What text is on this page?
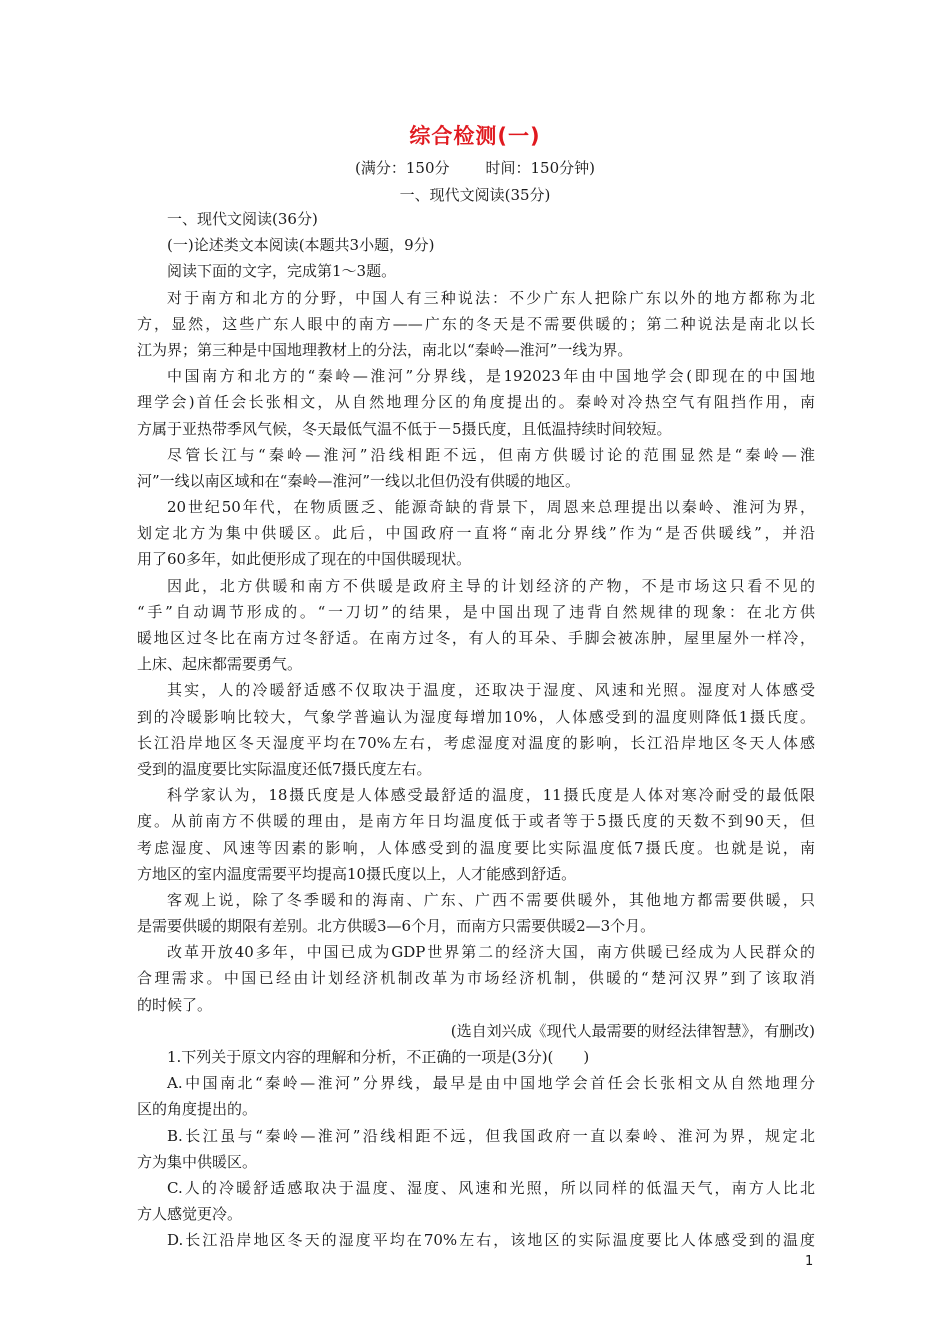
综合检测(一)
(满分：150分 时间：150分钟)
一、现代文阅读(35分)
一、现代文阅读(36分)
(一)论述类文本阅读(本题共3小题，9分)
阅读下面的文字，完成第1～3题。
对于南方和北方的分野，中国人有三种说法：不少广东人把除广东以外的地方都称为北
方，显然，这些广东人眼中的南方——广东的冬天是不需要供暖的；第二种说法是南北以长
江为界；第三种是中国地理教材上的分法，南北以“秦岭—淮河”一线为界。
中国南方和北方的“秦岭—淮河”分界线，是192023年由中国地学会(即现在的中国地
理学会)首任会长张相文，从自然地理分区的角度提出的。秦岭对冷热空气有阻挡作用，南
方属于亚热带季风气候，冬天最低气温不低于－5摄氏度，且低温持续时间较短。
尽管长江与“秦岭—淮河”沿线相距不远，但南方供暖讨论的范围显然是“秦岭—淮
河”一线以南区域和在“秦岭—淮河”一线以北但仍没有供暖的地区。
20世纪50年代，在物质匮乏、能源奇缺的背景下，周恩来总理提出以秦岭、淮河为界，
划定北方为集中供暖区。此后，中国政府一直将“南北分界线”作为“是否供暖线”，并沿
用了60多年，如此便形成了现在的中国供暖现状。
因此，北方供暖和南方不供暖是政府主导的计划经济的产物，不是市场这只看不见的
“手”自动调节形成的。“一刀切”的结果，是中国出现了违背自然规律的现象：在北方供
暖地区过冬比在南方过冬舒适。在南方过冬，有人的耳朵、手脚会被冻肿，屋里屋外一样冷，
上床、起床都需要勇气。
其实，人的冷暖舒适感不仅取决于温度，还取决于湿度、风速和光照。湿度对人体感受
到的冷暖影响比较大，气象学普遍认为湿度每增加10%，人体感受到的温度则降低1摄氏度。
长江沿岸地区冬天湿度平均在70%左右，考虑湿度对温度的影响，长江沿岸地区冬天人体感
受到的温度要比实际温度还低7摄氏度左右。
科学家认为，18摄氏度是人体感受最舒适的温度，11摄氏度是人体对寒冷耐受的最低限
度。从前南方不供暖的理由，是南方年日均温度低于或者等于5摄氏度的天数不到90天，但
考虑湿度、风速等因素的影响，人体感受到的温度要比实际温度低7摄氏度。也就是说，南
方地区的室内温度需要平均提高10摄氏度以上，人才能感到舒适。
客观上说，除了冬季暖和的海南、广东、广西不需要供暖外，其他地方都需要供暖，只
是需要供暖的期限有差别。北方供暖3—6个月，而南方只需要供暖2—3个月。
改革开放40多年，中国已成为GDP世界第二的经济大国，南方供暖已经成为人民群众的
合理需求。中国已经由计划经济机制改革为市场经济机制，供暖的“楚河汉界”到了该取消
的时候了。
(选自刘兴成《现代人最需要的财经法律智慧》，有删改)
1.下列关于原文内容的理解和分析，不正确的一项是(3分)(　　)
A.中国南北“秦岭—淮河”分界线，最早是由中国地学会首任会长张相文从自然地理分
区的角度提出的。
B.长江虽与“秦岭—淮河”沿线相距不远，但我国政府一直以秦岭、淮河为界，规定北
方为集中供暖区。
C.人的冷暖舒适感取决于温度、湿度、风速和光照，所以同样的低温天气，南方人比北
方人感觉更冷。
D.长江沿岸地区冬天的湿度平均在70%左右，该地区的实际温度要比人体感受到的温度
1
